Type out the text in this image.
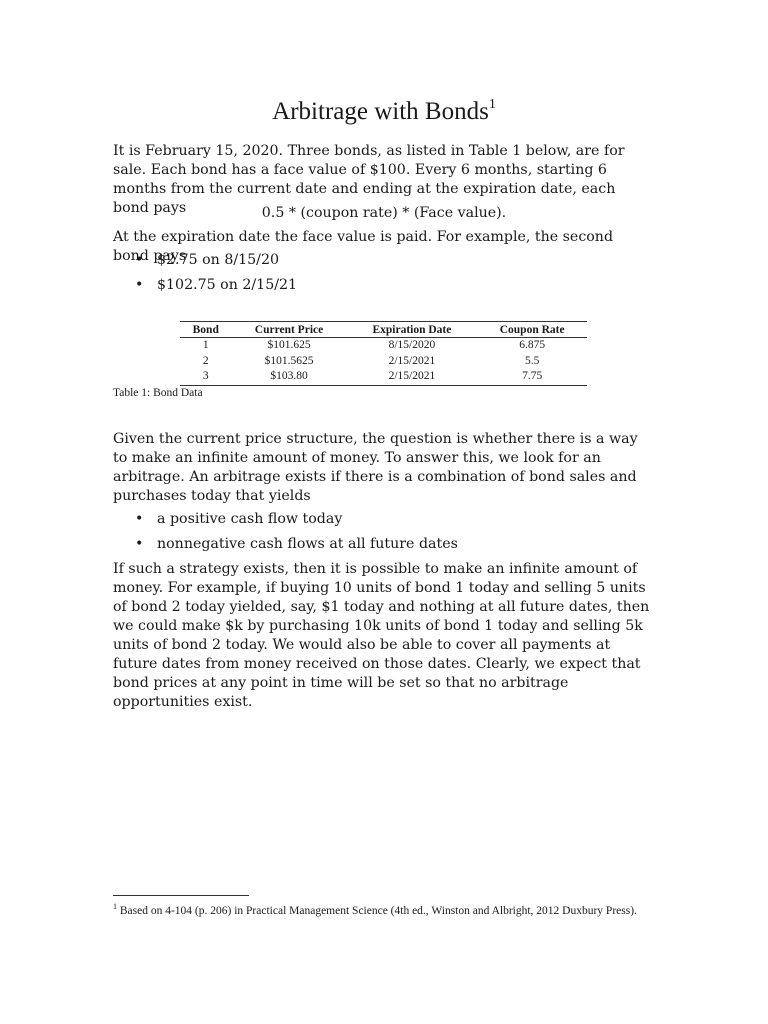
Arbitrage with Bonds$^1$

It is February 15, 2020. Three bonds, as listed in Table 1 below, are for sale. Each bond has a face value of $100. Every 6 months, starting 6 months from the current date and ending at the expiration date, each bond pays	0.5 * (coupon rate) * (Face value).

At the expiration date the face value is paid. For example, the second bond pays

• $2.75 on 8/15/20
• $102.75 on 2/15/21
Bond	Current Price	Expiration Date	Coupon Rate
1	$101.625	8/15/2020	6.875
2	$101.5625	2/15/2021	5.5
3	$103.80	2/15/2021	7.75
Table 1: Bond Data

Given the current price structure, the question is whether there is a way to make an infinite amount of money. To answer this, we look for an arbitrage. An arbitrage exists if there is a combination of bond sales and purchases today that yields

• a positive cash flow today
• nonnegative cash flows at all future dates

If such a strategy exists, then it is possible to make an infinite amount of money. For example, if buying 10 units of bond 1 today and selling 5 units of bond 2 today yielded, say, $1 today and nothing at all future dates, then we could make $k by purchasing 10k units of bond 1 today and selling 5k units of bond 2 today. We would also be able to cover all payments at future dates from money received on those dates. Clearly, we expect that bond prices at any point in time will be set so that no arbitrage opportunities exist.

$^1$ Based on 4-104 (p. 206) in Practical Management Science (4th ed., Winston and Albright, 2012 Duxbury Press).
